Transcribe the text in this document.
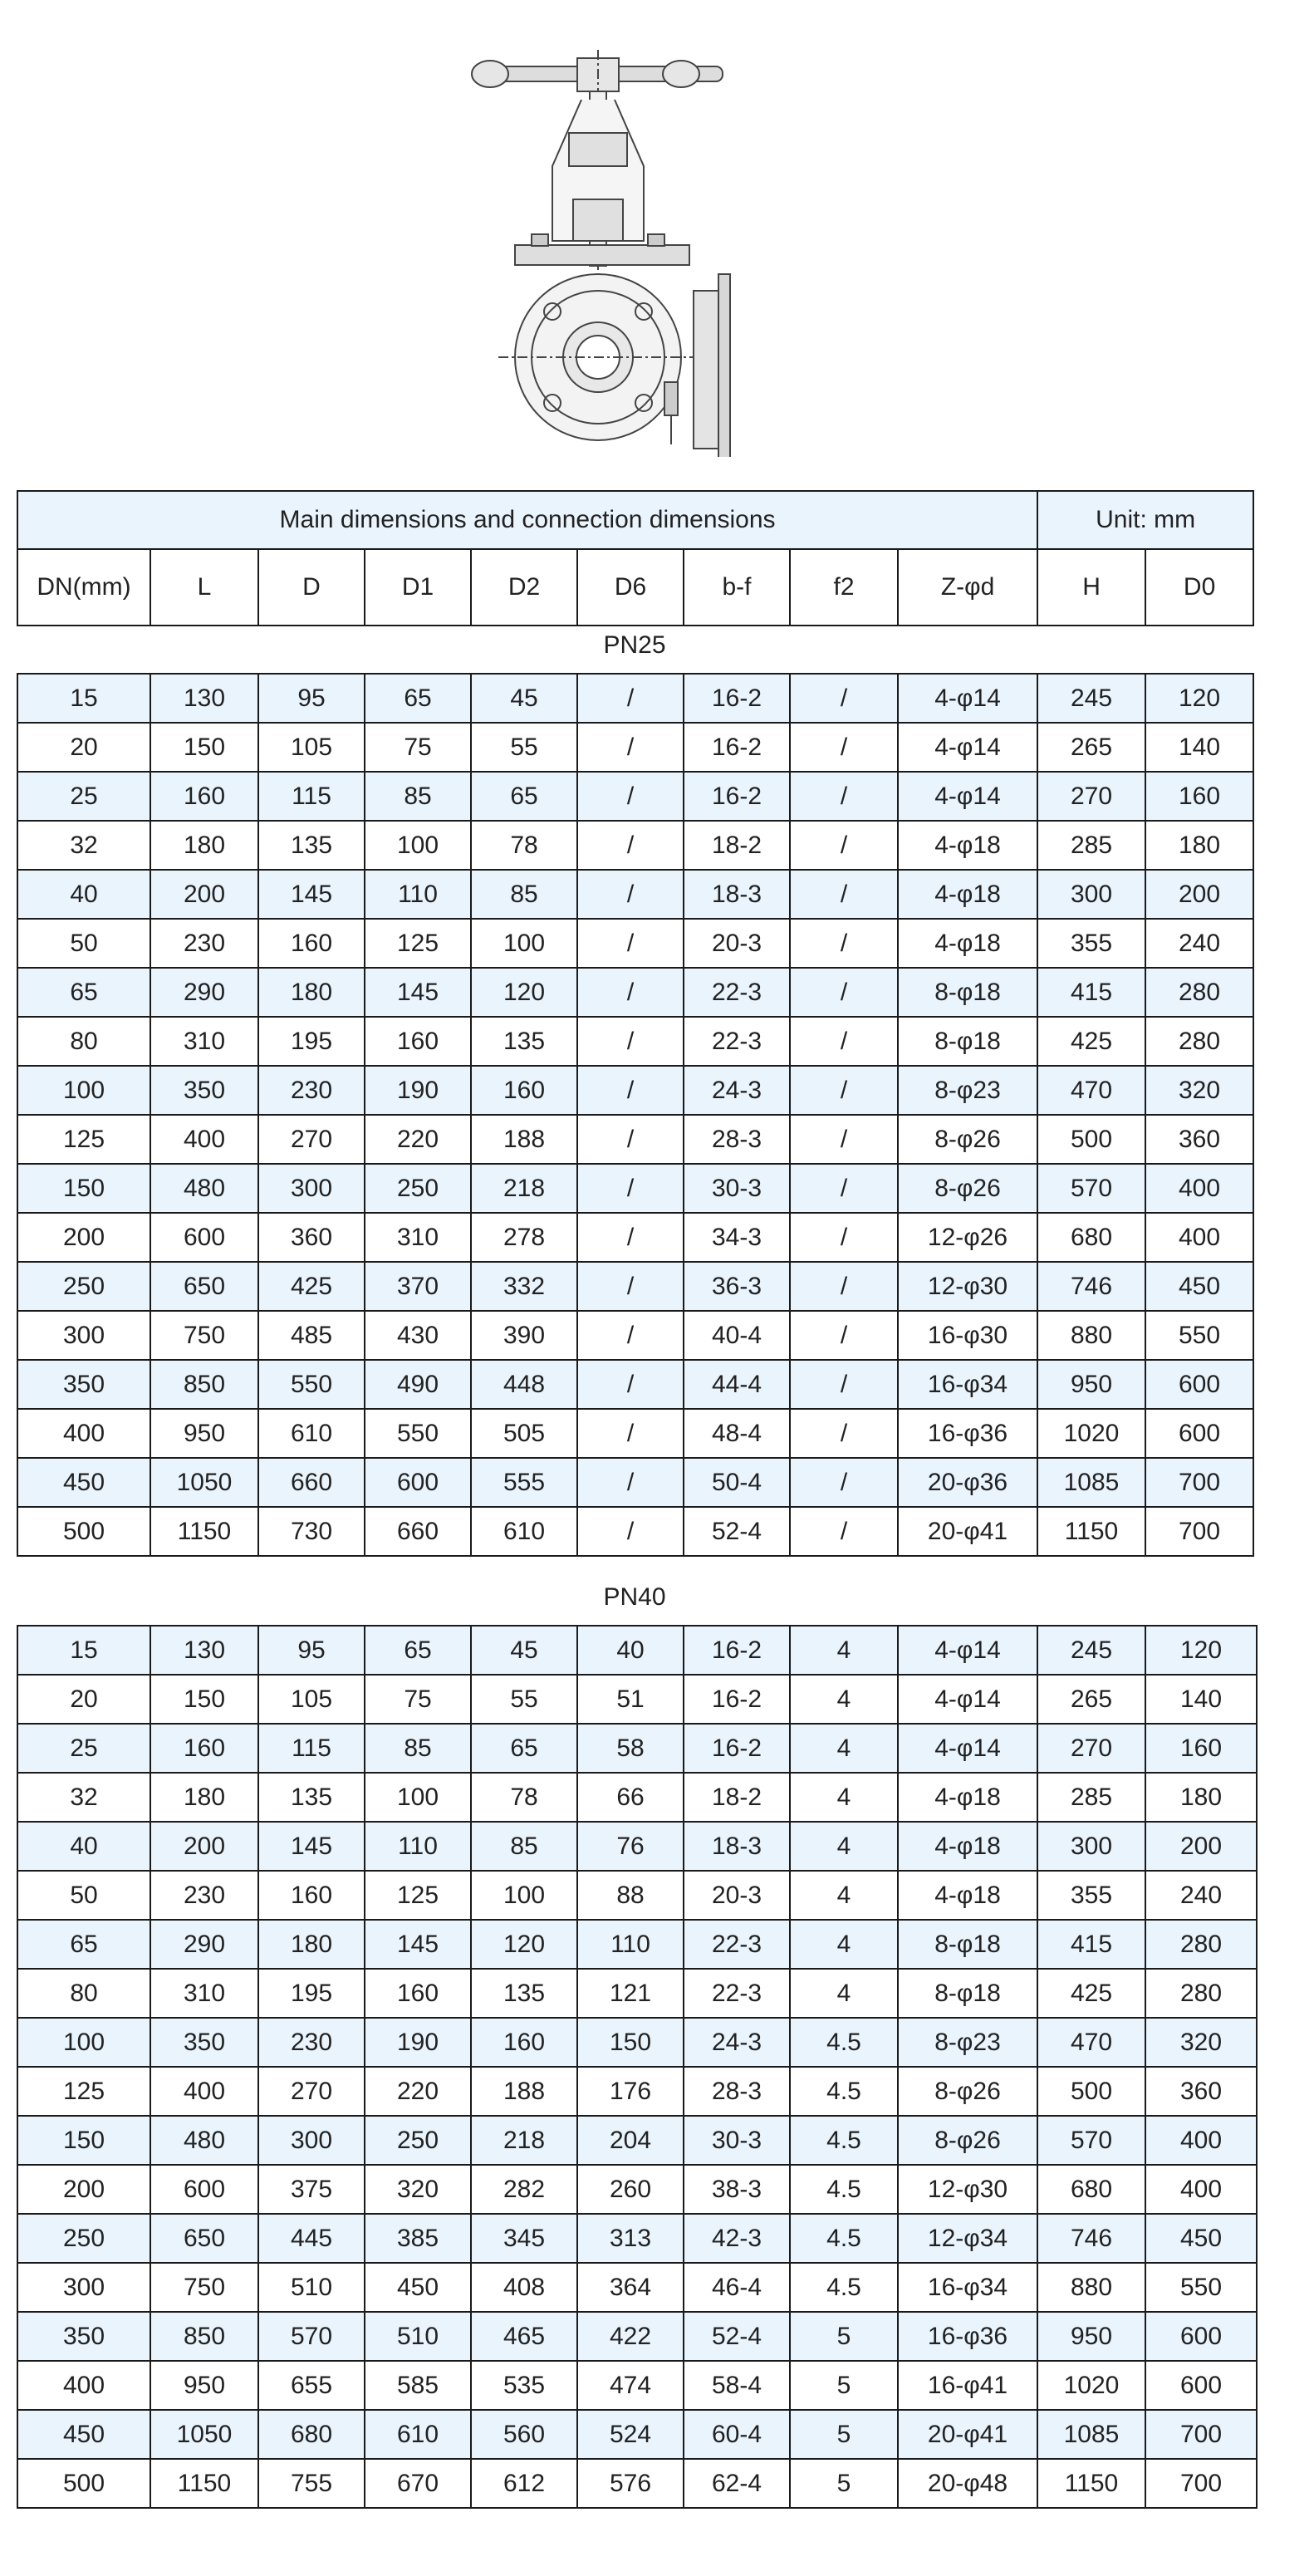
Main dimensions and connection dimensions									Unit: mm	
DN(mm)	L	D	D1	D2	D6	b-f	f2	Z-φd	H	D0
PN25
15	130	95	65	45	/	16-2	/	4-φ14	245	120
20	150	105	75	55	/	16-2	/	4-φ14	265	140
25	160	115	85	65	/	16-2	/	4-φ14	270	160
32	180	135	100	78	/	18-2	/	4-φ18	285	180
40	200	145	110	85	/	18-3	/	4-φ18	300	200
50	230	160	125	100	/	20-3	/	4-φ18	355	240
65	290	180	145	120	/	22-3	/	8-φ18	415	280
80	310	195	160	135	/	22-3	/	8-φ18	425	280
100	350	230	190	160	/	24-3	/	8-φ23	470	320
125	400	270	220	188	/	28-3	/	8-φ26	500	360
150	480	300	250	218	/	30-3	/	8-φ26	570	400
200	600	360	310	278	/	34-3	/	12-φ26	680	400
250	650	425	370	332	/	36-3	/	12-φ30	746	450
300	750	485	430	390	/	40-4	/	16-φ30	880	550
350	850	550	490	448	/	44-4	/	16-φ34	950	600
400	950	610	550	505	/	48-4	/	16-φ36	1020	600
450	1050	660	600	555	/	50-4	/	20-φ36	1085	700
500	1150	730	660	610	/	52-4	/	20-φ41	1150	700
PN40
15	130	95	65	45	40	16-2	4	4-φ14	245	120
20	150	105	75	55	51	16-2	4	4-φ14	265	140
25	160	115	85	65	58	16-2	4	4-φ14	270	160
32	180	135	100	78	66	18-2	4	4-φ18	285	180
40	200	145	110	85	76	18-3	4	4-φ18	300	200
50	230	160	125	100	88	20-3	4	4-φ18	355	240
65	290	180	145	120	110	22-3	4	8-φ18	415	280
80	310	195	160	135	121	22-3	4	8-φ18	425	280
100	350	230	190	160	150	24-3	4.5	8-φ23	470	320
125	400	270	220	188	176	28-3	4.5	8-φ26	500	360
150	480	300	250	218	204	30-3	4.5	8-φ26	570	400
200	600	375	320	282	260	38-3	4.5	12-φ30	680	400
250	650	445	385	345	313	42-3	4.5	12-φ34	746	450
300	750	510	450	408	364	46-4	4.5	16-φ34	880	550
350	850	570	510	465	422	52-4	5	16-φ36	950	600
400	950	655	585	535	474	58-4	5	16-φ41	1020	600
450	1050	680	610	560	524	60-4	5	20-φ41	1085	700
500	1150	755	670	612	576	62-4	5	20-φ48	1150	700
